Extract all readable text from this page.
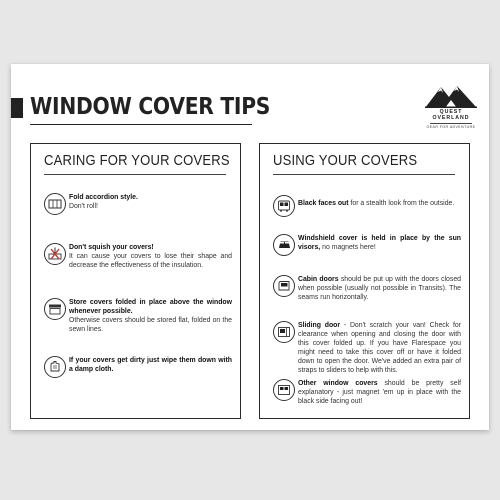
WINDOW COVER TIPS	QUEST OVERLAND
GEAR FOR ADVENTURE
CARING FOR YOUR COVERS
Fold accordion style.
Don't roll!
Don't squish your covers!
It can cause your covers to lose their shape and decrease the effectiveness of the insulation.
Store covers folded in place above the window whenever possible.
Otherwise covers should be stored flat, folded on the sewn lines.
If your covers get dirty just wipe them down with a damp cloth.
USING YOUR COVERS
Black faces out for a stealth look from the outside.
Windshield cover is held in place by the sun visors, no magnets here!
Cabin doors should be put up with the doors closed when possible (usually not possible in Transits). The seams run horizontally.
Sliding door - Don't scratch your van! Check for clearance when opening and closing the door with this cover folded up. If you have Flarespace you might need to take this cover off or have it folded down to open the door. We've added an extra pair of straps to sliders to help with this.
Other window covers should be pretty self explanatory - just magnet 'em up in place with the black side facing out!
